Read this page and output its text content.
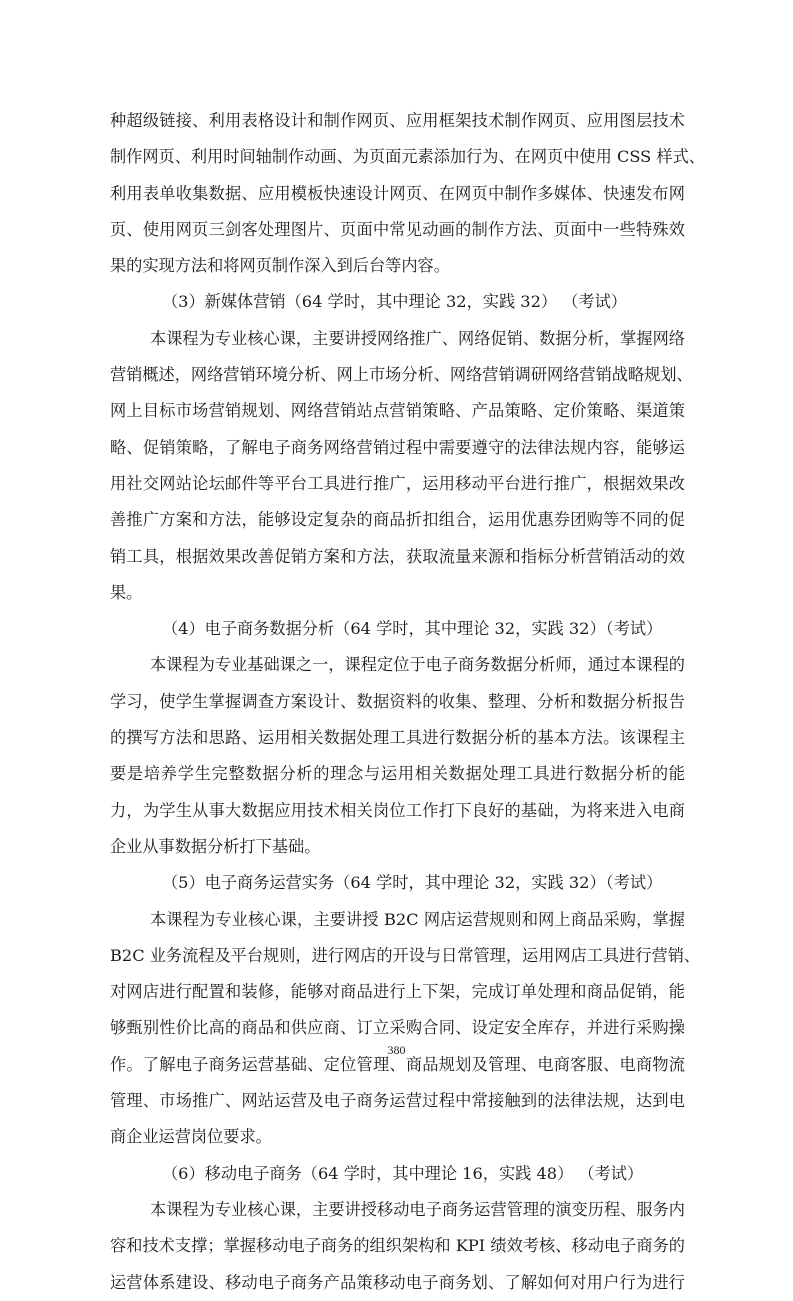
种超级链接、利用表格设计和制作网页、应用框架技术制作网页、应用图层技术
制作网页、利用时间轴制作动画、为页面元素添加行为、在网页中使用 CSS 样式、
利用表单收集数据、应用模板快速设计网页、在网页中制作多媒体、快速发布网
页、使用网页三剑客处理图片、页面中常见动画的制作方法、页面中一些特殊效
果的实现方法和将网页制作深入到后台等内容。
（3）新媒体营销（64 学时，其中理论 32，实践 32） （考试）
本课程为专业核心课，主要讲授网络推广、网络促销、数据分析，掌握网络
营销概述，网络营销环境分析、网上市场分析、网络营销调研网络营销战略规划、
网上目标市场营销规划、网络营销站点营销策略、产品策略、定价策略、渠道策
略、促销策略，了解电子商务网络营销过程中需要遵守的法律法规内容，能够运
用社交网站论坛邮件等平台工具进行推广，运用移动平台进行推广，根据效果改
善推广方案和方法，能够设定复杂的商品折扣组合，运用优惠券团购等不同的促
销工具，根据效果改善促销方案和方法，获取流量来源和指标分析营销活动的效
果。
（4）电子商务数据分析（64 学时，其中理论 32，实践 32）（考试）
本课程为专业基础课之一，课程定位于电子商务数据分析师，通过本课程的
学习，使学生掌握调查方案设计、数据资料的收集、整理、分析和数据分析报告
的撰写方法和思路、运用相关数据处理工具进行数据分析的基本方法。该课程主
要是培养学生完整数据分析的理念与运用相关数据处理工具进行数据分析的能
力，为学生从事大数据应用技术相关岗位工作打下良好的基础，为将来进入电商
企业从事数据分析打下基础。
（5）电子商务运营实务（64 学时，其中理论 32，实践 32）（考试）
本课程为专业核心课，主要讲授 B2C 网店运营规则和网上商品采购，掌握
B2C 业务流程及平台规则，进行网店的开设与日常管理，运用网店工具进行营销、
对网店进行配置和装修，能够对商品进行上下架，完成订单处理和商品促销，能
够甄别性价比高的商品和供应商、订立采购合同、设定安全库存，并进行采购操
作。了解电子商务运营基础、定位管理、商品规划及管理、电商客服、电商物流
管理、市场推广、网站运营及电子商务运营过程中常接触到的法律法规，达到电
商企业运营岗位要求。
（6）移动电子商务（64 学时，其中理论 16，实践 48） （考试）
本课程为专业核心课，主要讲授移动电子商务运营管理的演变历程、服务内
容和技术支撑；掌握移动电子商务的组织架构和 KPI 绩效考核、移动电子商务的
运营体系建设、移动电子商务产品策移动电子商务划、了解如何对用户行为进行
380
